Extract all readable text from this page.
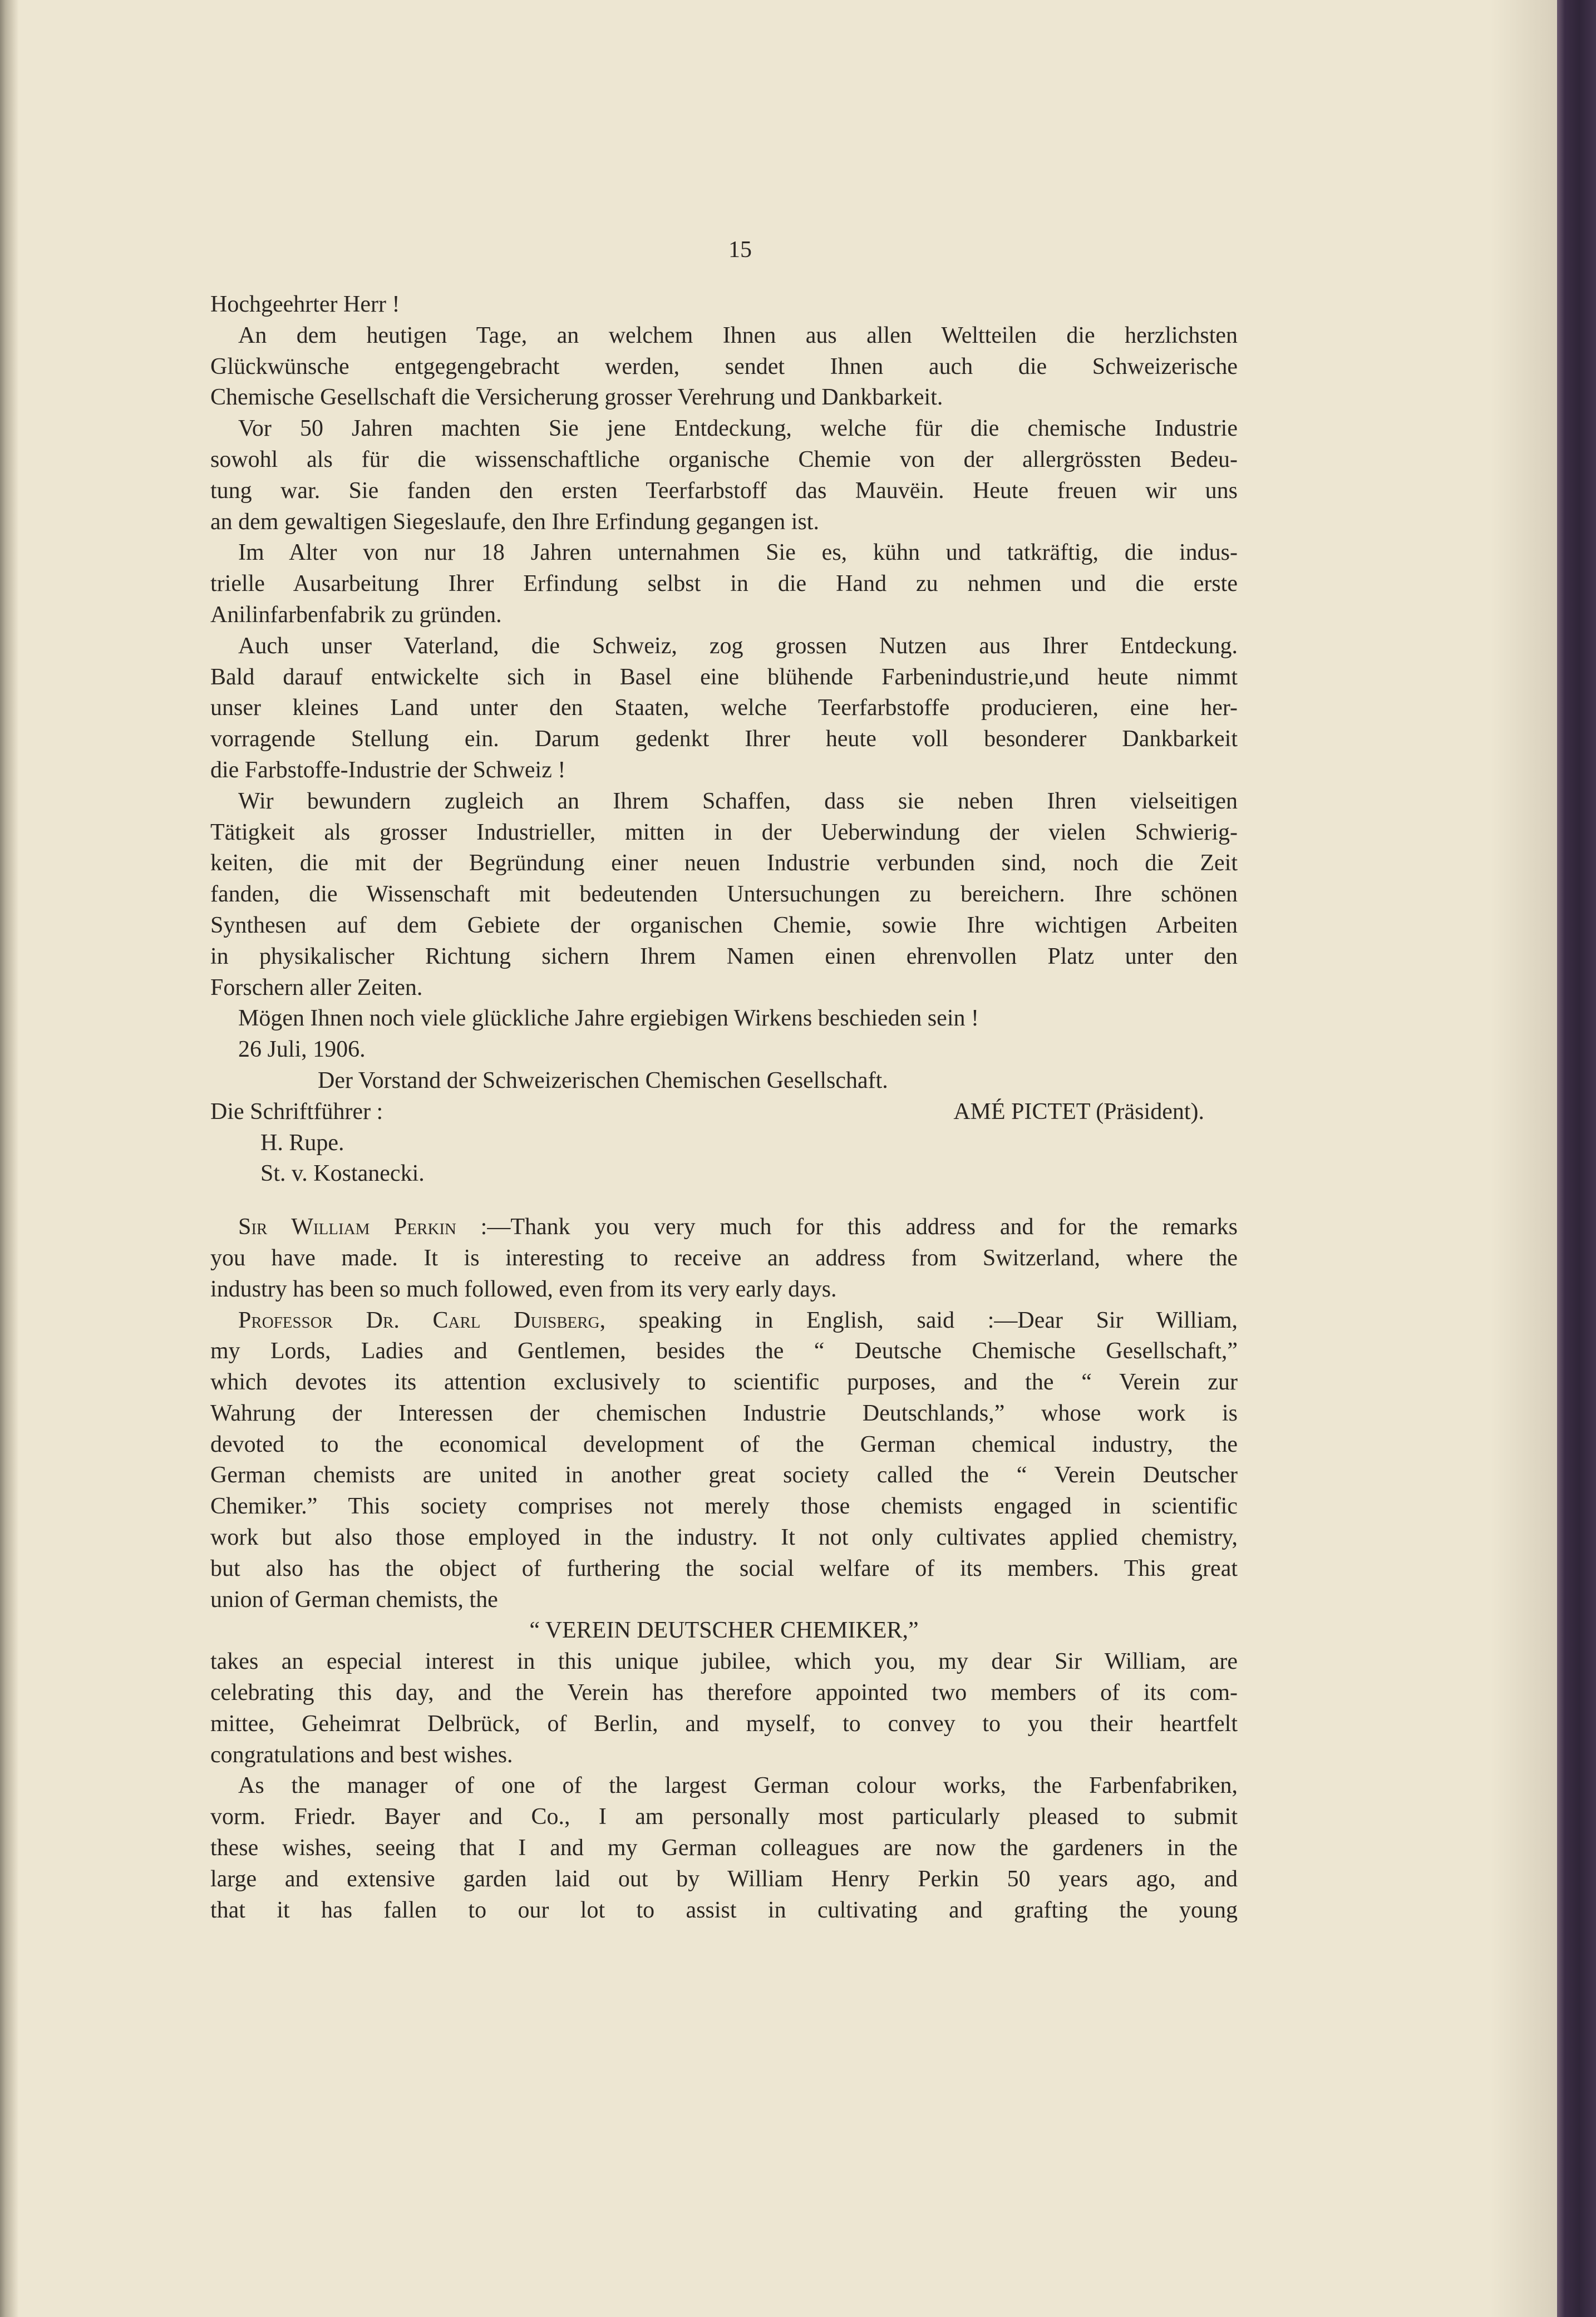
15
Hochgeehrter Herr !
An dem heutigen Tage, an welchem Ihnen aus allen Weltteilen die herzlichsten
Glückwünsche entgegengebracht werden, sendet Ihnen auch die Schweizerische
Chemische Gesellschaft die Versicherung grosser Verehrung und Dankbarkeit.
Vor 50 Jahren machten Sie jene Entdeckung, welche für die chemische Industrie
sowohl als für die wissenschaftliche organische Chemie von der allergrössten Bedeu-
tung war. Sie fanden den ersten Teerfarbstoff das Mauvëin. Heute freuen wir uns
an dem gewaltigen Siegeslaufe, den Ihre Erfindung gegangen ist.
Im Alter von nur 18 Jahren unternahmen Sie es, kühn und tatkräftig, die indus-
trielle Ausarbeitung Ihrer Erfindung selbst in die Hand zu nehmen und die erste
Anilinfarbenfabrik zu gründen.
Auch unser Vaterland, die Schweiz, zog grossen Nutzen aus Ihrer Entdeckung.
Bald darauf entwickelte sich in Basel eine blühende Farbenindustrie,und heute nimmt
unser kleines Land unter den Staaten, welche Teerfarbstoffe producieren, eine her-
vorragende Stellung ein. Darum gedenkt Ihrer heute voll besonderer Dankbarkeit
die Farbstoffe-Industrie der Schweiz !
Wir bewundern zugleich an Ihrem Schaffen, dass sie neben Ihren vielseitigen
Tätigkeit als grosser Industrieller, mitten in der Ueberwindung der vielen Schwierig-
keiten, die mit der Begründung einer neuen Industrie verbunden sind, noch die Zeit
fanden, die Wissenschaft mit bedeutenden Untersuchungen zu bereichern. Ihre schönen
Synthesen auf dem Gebiete der organischen Chemie, sowie Ihre wichtigen Arbeiten
in physikalischer Richtung sichern Ihrem Namen einen ehrenvollen Platz unter den
Forschern aller Zeiten.
Mögen Ihnen noch viele glückliche Jahre ergiebigen Wirkens beschieden sein !
26 Juli, 1906.
Der Vorstand der Schweizerischen Chemischen Gesellschaft.
Die Schriftführer :	AMÉ PICTET (Präsident).
H. Rupe.
St. v. Kostanecki.
Sir William Perkin :—Thank you very much for this address and for the remarks
you have made. It is interesting to receive an address from Switzerland, where the
industry has been so much followed, even from its very early days.
Professor Dr. Carl Duisberg, speaking in English, said :—Dear Sir William,
my Lords, Ladies and Gentlemen, besides the “ Deutsche Chemische Gesellschaft,”
which devotes its attention exclusively to scientific purposes, and the “ Verein zur
Wahrung der Interessen der chemischen Industrie Deutschlands,” whose work is
devoted to the economical development of the German chemical industry, the
German chemists are united in another great society called the “ Verein Deutscher
Chemiker.” This society comprises not merely those chemists engaged in scientific
work but also those employed in the industry. It not only cultivates applied chemistry,
but also has the object of furthering the social welfare of its members. This great
union of German chemists, the
“ VEREIN DEUTSCHER CHEMIKER,”
takes an especial interest in this unique jubilee, which you, my dear Sir William, are
celebrating this day, and the Verein has therefore appointed two members of its com-
mittee, Geheimrat Delbrück, of Berlin, and myself, to convey to you their heartfelt
congratulations and best wishes.
As the manager of one of the largest German colour works, the Farbenfabriken,
vorm. Friedr. Bayer and Co., I am personally most particularly pleased to submit
these wishes, seeing that I and my German colleagues are now the gardeners in the
large and extensive garden laid out by William Henry Perkin 50 years ago, and
that it has fallen to our lot to assist in cultivating and grafting the young
